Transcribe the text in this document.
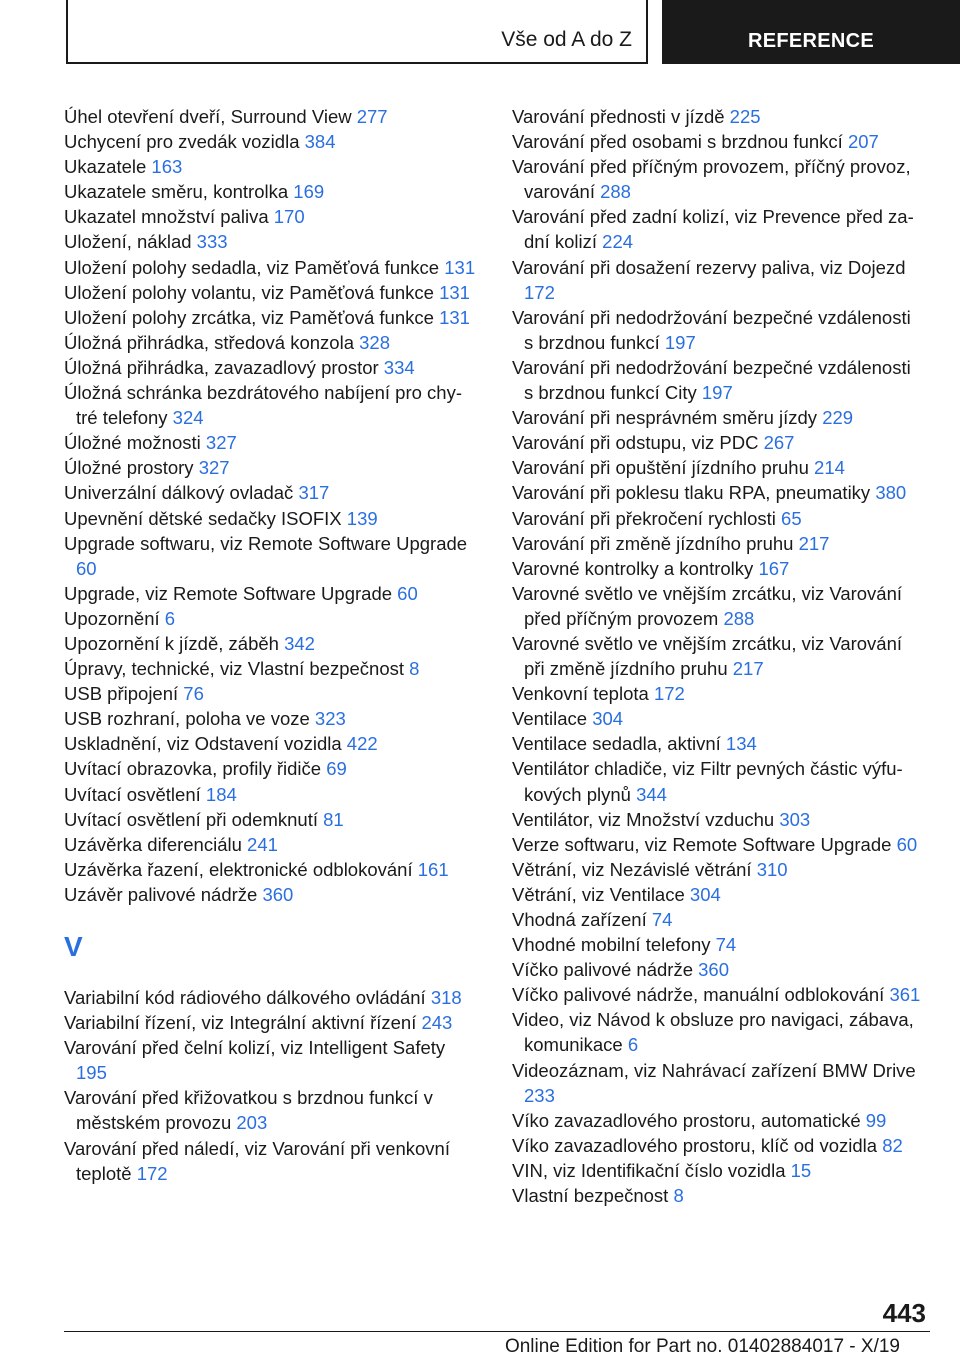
Vše od A do Z	REFERENCE

Úhel otevření dveří, Surround View 277

Uchycení pro zvedák vozidla 384

Ukazatele 163

Ukazatele směru, kontrolka 169

Ukazatel množství paliva 170

Uložení, náklad 333

Uložení polohy sedadla, viz Paměťová funkce 131

Uložení polohy volantu, viz Paměťová funkce 131

Uložení polohy zrcátka, viz Paměťová funkce 131

Úložná přihrádka, středová konzola 328

Úložná přihrádka, zavazadlový prostor 334

Úložná schránka bezdrátového nabíjení pro chytré telefony 324

Úložné možnosti 327

Úložné prostory 327

Univerzální dálkový ovladač 317

Upevnění dětské sedačky ISOFIX 139

Upgrade softwaru, viz Remote Software Upgrade 60

Upgrade, viz Remote Software Upgrade 60

Upozornění 6

Upozornění k jízdě, záběh 342

Úpravy, technické, viz Vlastní bezpečnost 8

USB připojení 76

USB rozhraní, poloha ve voze 323

Uskladnění, viz Odstavení vozidla 422

Uvítací obrazovka, profily řidiče 69

Uvítací osvětlení 184

Uvítací osvětlení při odemknutí 81

Uzávěrka diferenciálu 241

Uzávěrka řazení, elektronické odblokování 161

Uzávěr palivové nádrže 360

V

Variabilní kód rádiového dálkového ovládání 318

Variabilní řízení, viz Integrální aktivní řízení 243

Varování před čelní kolizí, viz Intelligent Safety 195

Varování před křižovatkou s brzdnou funkcí v městském provozu 203

Varování před náledí, viz Varování při venkovní teplotě 172

Varování přednosti v jízdě 225

Varování před osobami s brzdnou funkcí 207

Varování před příčným provozem, příčný provoz, varování 288

Varování před zadní kolizí, viz Prevence před zadní kolizí 224

Varování při dosažení rezervy paliva, viz Dojezd 172

Varování při nedodržování bezpečné vzdálenosti s brzdnou funkcí 197

Varování při nedodržování bezpečné vzdálenosti s brzdnou funkcí City 197

Varování při nesprávném směru jízdy 229

Varování při odstupu, viz PDC 267

Varování při opuštění jízdního pruhu 214

Varování při poklesu tlaku RPA, pneumatiky 380

Varování při překročení rychlosti 65

Varování při změně jízdního pruhu 217

Varovné kontrolky a kontrolky 167

Varovné světlo ve vnějším zrcátku, viz Varování před příčným provozem 288

Varovné světlo ve vnějším zrcátku, viz Varování při změně jízdního pruhu 217

Venkovní teplota 172

Ventilace 304

Ventilace sedadla, aktivní 134

Ventilátor chladiče, viz Filtr pevných částic výfukových plynů 344

Ventilátor, viz Množství vzduchu 303

Verze softwaru, viz Remote Software Upgrade 60

Větrání, viz Nezávislé větrání 310

Větrání, viz Ventilace 304

Vhodná zařízení 74

Vhodné mobilní telefony 74

Víčko palivové nádrže 360

Víčko palivové nádrže, manuální odblokování 361

Video, viz Návod k obsluze pro navigaci, zábava, komunikace 6

Videozáznam, viz Nahrávací zařízení BMW Drive 233

Víko zavazadlového prostoru, automatické 99

Víko zavazadlového prostoru, klíč od vozidla 82

VIN, viz Identifikační číslo vozidla 15

Vlastní bezpečnost 8

443
Online Edition for Part no. 01402884017 - X/19
